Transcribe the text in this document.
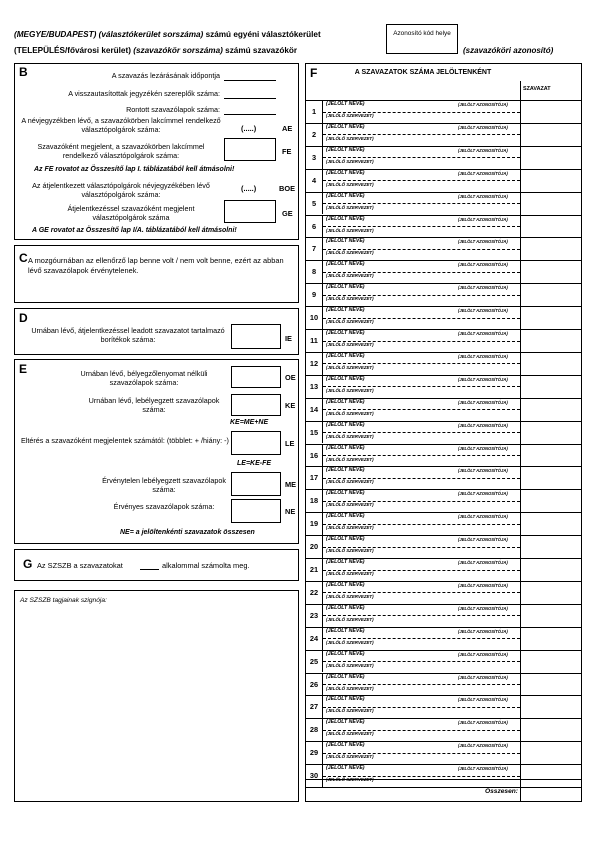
(MEGYE/BUDAPEST) (választókerület sorszáma) számú egyéni választókerület
(TELEPÜLÉS/fővárosi kerület) (szavazókör sorszáma) számú szavazókör
Azonosító kód helye
(szavazóköri azonosító)
B	A szavazás lezárásának időpontja
A visszautasítottak jegyzékén szereplők száma:
Rontott szavazólapok száma:
A névjegyzékben lévő, a szavazókörben lakcímmel rendelkező választópolgárok száma:	(.....)	AE
Szavazóként megjelent, a szavazókörben lakcímmel rendelkező választópolgárok száma:	FE
Az FE rovatot az Összesítő lap I. táblázatából kell átmásolni!
Az átjelentkezett választópolgárok névjegyzékében lévő választópolgárok száma:
(.....)	BOE
Átjelentkezéssel szavazóként megjelent választópolgárok száma	GE
A GE rovatot az Összesítő lap I/A. táblázatából kell átmásolni!
C A mozgóurnában az ellenőrző lap benne volt / nem volt benne, ezért az abban lévő szavazólapok érvénytelenek.
D
Urnában lévő, átjelentkezéssel leadott szavazatot tartalmazó borítékok száma:	IE
E	Urnában lévő, bélyegzőlenyomat nélküli szavazólapok száma:
OE
Urnában lévő, lebélyegzett szavazólapok száma:	KE
KE=ME+NE
Eltérés a szavazóként megjelentek számától: (többlet: + /hiány: -)	LE
LE=KE-FE
Érvénytelen lebélyegzett szavazólapok száma:
ME
Érvényes szavazólapok száma:
NE
NE= a jelöltenkénti szavazatok összesen
G Az SZSZB a szavazatokat	alkalommal számolta meg.
Az SZSZB tagjainak szignója:
F	A SZAVAZATOK SZÁMA JELÖLTENKÉNT
SZAVAZAT
1
(JELÖLT NEVE)	(JELÖLT AZONOSÍTÓJA)
(JELÖLŐ SZERVEZET)
2
(JELÖLT NEVE)	(JELÖLT AZONOSÍTÓJA)
(JELÖLŐ SZERVEZET)
3
(JELÖLT NEVE)	(JELÖLT AZONOSÍTÓJA)
(JELÖLŐ SZERVEZET)
4
(JELÖLT NEVE)	(JELÖLT AZONOSÍTÓJA)
(JELÖLŐ SZERVEZET)
5
(JELÖLT NEVE)	(JELÖLT AZONOSÍTÓJA)
(JELÖLŐ SZERVEZET)
6
(JELÖLT NEVE)	(JELÖLT AZONOSÍTÓJA)
(JELÖLŐ SZERVEZET)
7
(JELÖLT NEVE)	(JELÖLT AZONOSÍTÓJA)
(JELÖLŐ SZERVEZET)
8
(JELÖLT NEVE)	(JELÖLT AZONOSÍTÓJA)
(JELÖLŐ SZERVEZET)
9
(JELÖLT NEVE)	(JELÖLT AZONOSÍTÓJA)
(JELÖLŐ SZERVEZET)
10
(JELÖLT NEVE)	(JELÖLT AZONOSÍTÓJA)
(JELÖLŐ SZERVEZET)
11
(JELÖLT NEVE)	(JELÖLT AZONOSÍTÓJA)
(JELÖLŐ SZERVEZET)
12
(JELÖLT NEVE)	(JELÖLT AZONOSÍTÓJA)
(JELÖLŐ SZERVEZET)
13
(JELÖLT NEVE)	(JELÖLT AZONOSÍTÓJA)
(JELÖLŐ SZERVEZET)
14
(JELÖLT NEVE)	(JELÖLT AZONOSÍTÓJA)
(JELÖLŐ SZERVEZET)
15
(JELÖLT NEVE)	(JELÖLT AZONOSÍTÓJA)
(JELÖLŐ SZERVEZET)
16
(JELÖLT NEVE)	(JELÖLT AZONOSÍTÓJA)
(JELÖLŐ SZERVEZET)
17
(JELÖLT NEVE)	(JELÖLT AZONOSÍTÓJA)
(JELÖLŐ SZERVEZET)
18
(JELÖLT NEVE)	(JELÖLT AZONOSÍTÓJA)
(JELÖLŐ SZERVEZET)
19
(JELÖLT NEVE)	(JELÖLT AZONOSÍTÓJA)
(JELÖLŐ SZERVEZET)
20
(JELÖLT NEVE)	(JELÖLT AZONOSÍTÓJA)
(JELÖLŐ SZERVEZET)
21
(JELÖLT NEVE)	(JELÖLT AZONOSÍTÓJA)
(JELÖLŐ SZERVEZET)
22
(JELÖLT NEVE)	(JELÖLT AZONOSÍTÓJA)
(JELÖLŐ SZERVEZET)
23
(JELÖLT NEVE)	(JELÖLT AZONOSÍTÓJA)
(JELÖLŐ SZERVEZET)
24
(JELÖLT NEVE)	(JELÖLT AZONOSÍTÓJA)
(JELÖLŐ SZERVEZET)
25
(JELÖLT NEVE)	(JELÖLT AZONOSÍTÓJA)
(JELÖLŐ SZERVEZET)
26
(JELÖLT NEVE)	(JELÖLT AZONOSÍTÓJA)
(JELÖLŐ SZERVEZET)
27
(JELÖLT NEVE)	(JELÖLT AZONOSÍTÓJA)
(JELÖLŐ SZERVEZET)
28
(JELÖLT NEVE)	(JELÖLT AZONOSÍTÓJA)
(JELÖLŐ SZERVEZET)
29
(JELÖLT NEVE)	(JELÖLT AZONOSÍTÓJA)
(JELÖLŐ SZERVEZET)
30
(JELÖLT NEVE)	(JELÖLT AZONOSÍTÓJA)
(JELÖLŐ SZERVEZET)
Összesen:
